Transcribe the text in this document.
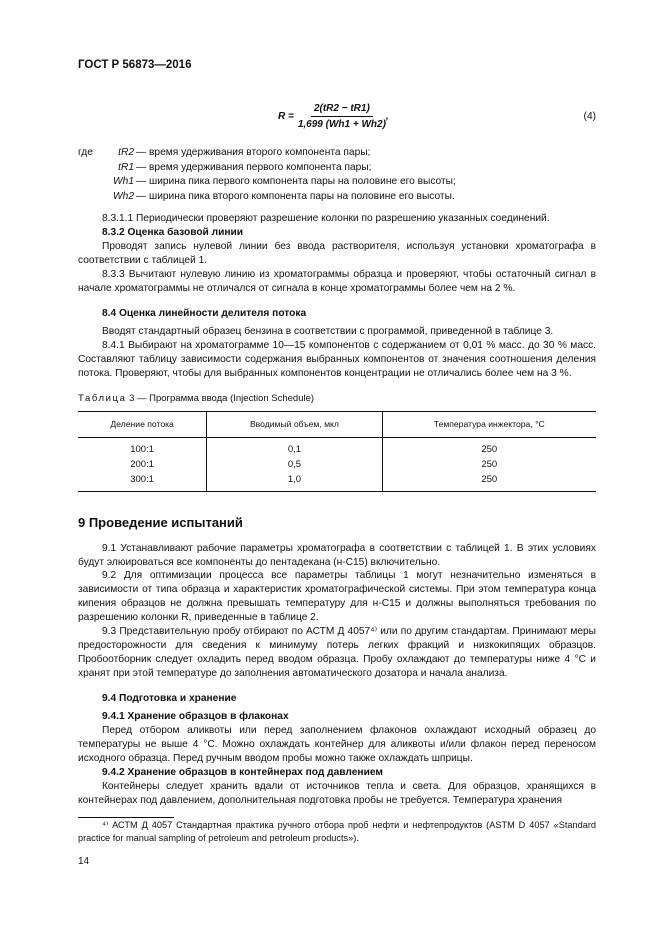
ГОСТ Р 56873—2016
$R = \frac{2(tR2 - tR1)}{1,699 (Wh1 + Wh2)}$ ,	(4)
где	tR2 — время удерживания второго компонента пары;
tR1 — время удерживания первого компонента пары;
Wh1 — ширина пика первого компонента пары на половине его высоты;
Wh2 — ширина пика второго компонента пары на половине его высоты.

8.3.1.1 Периодически проверяют разрешение колонки по разрешению указанных соединений.

8.3.2 Оценка базовой линии

Проводят запись нулевой линии без ввода растворителя, используя установки хроматографа в соответствии с таблицей 1.

8.3.3 Вычитают нулевую линию из хроматограммы образца и проверяют, чтобы остаточный сигнал в начале хроматограммы не отличался от сигнала в конце хроматограммы более чем на 2 %.

8.4 Оценка линейности делителя потока

Вводят стандартный образец бензина в соответствии с программой, приведенной в таблице 3.

8.4.1 Выбирают на хроматограмме 10—15 компонентов с содержанием от 0,01 % масс. до 30 % масс. Составляют таблицу зависимости содержания выбранных компонентов от значения соотношения деления потока. Проверяют, чтобы для выбранных компонентов концентрации не отличались более чем на 3 %.

Таблица 3 — Программа ввода (Injection Schedule)
Деление потока	Вводимый объем, мкл	Температура инжектора, °С
100:1	0,1	250
200:1	0,5	250
300:1	1,0	250
9 Проведение испытаний

9.1 Устанавливают рабочие параметры хроматографа в соответствии с таблицей 1. В этих условиях будут элюироваться все компоненты до пентадекана (н-С15) включительно.

9.2 Для оптимизации процесса все параметры таблицы 1 могут незначительно изменяться в зависимости от типа образца и характеристик хроматографической системы. При этом температура конца кипения образцов не должна превышать температуру для н-С15 и должны выполняться требования по разрешению колонки R, приведенные в таблице 2.

9.3 Представительную пробу отбирают по АСТМ Д 4057⁴⁾ или по другим стандартам. Принимают меры предосторожности для сведения к минимуму потерь легких фракций и низкокипящих образцов. Пробоотборник следует охладить перед вводом образца. Пробу охлаждают до температуры ниже 4 °С и хранят при этой температуре до заполнения автоматического дозатора и начала анализа.

9.4 Подготовка и хранение

9.4.1 Хранение образцов в флаконах

Перед отбором аликвоты или перед заполнением флаконов охлаждают исходный образец до температуры не выше 4 °С. Можно охлаждать контейнер для аликвоты и/или флакон перед переносом исходного образца. Перед ручным вводом пробы можно также охлаждать шприцы.

9.4.2 Хранение образцов в контейнерах под давлением

Контейнеры следует хранить вдали от источников тепла и света. Для образцов, хранящихся в контейнерах под давлением, дополнительная подготовка пробы не требуется. Температура хранения

⁴⁾ АСТМ Д 4057 Стандартная практика ручного отбора проб нефти и нефтепродуктов (ASTM D 4057 «Standard practice for manual sampling of petroleum and petroleum products»).

14
